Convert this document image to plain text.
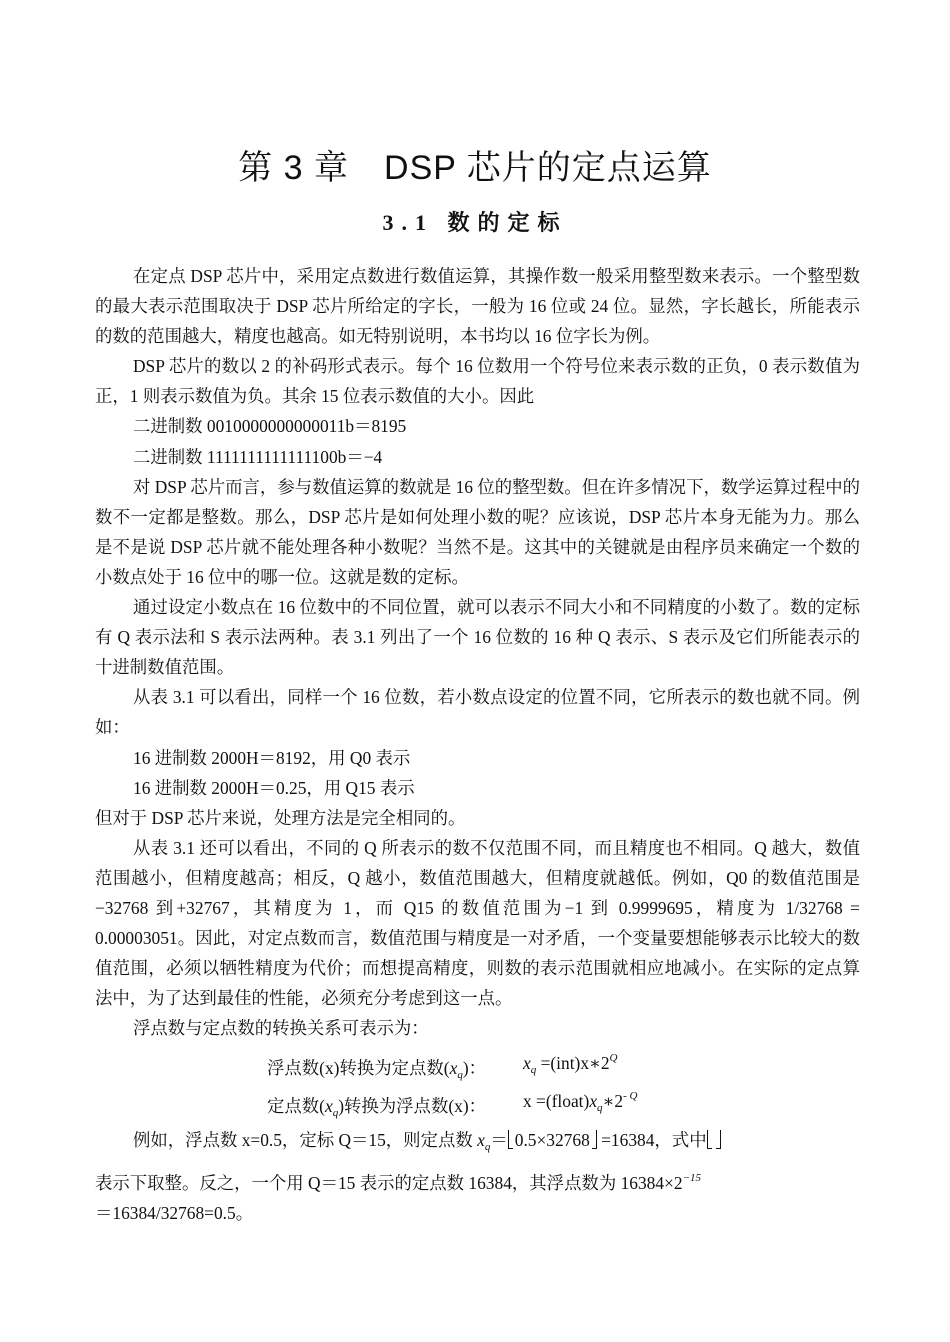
第 3 章　DSP 芯片的定点运算
3.1 数的定标

在定点 DSP 芯片中，采用定点数进行数值运算，其操作数一般采用整型数来表示。一个整型数的最大表示范围取决于 DSP 芯片所给定的字长，一般为 16 位或 24 位。显然，字长越长，所能表示的数的范围越大，精度也越高。如无特别说明，本书均以 16 位字长为例。

DSP 芯片的数以 2 的补码形式表示。每个 16 位数用一个符号位来表示数的正负，0 表示数值为正，1 则表示数值为负。其余 15 位表示数值的大小。因此

二进制数 0010000000000011b＝8195

二进制数 1111111111111100b＝−4

对 DSP 芯片而言，参与数值运算的数就是 16 位的整型数。但在许多情况下，数学运算过程中的数不一定都是整数。那么，DSP 芯片是如何处理小数的呢？应该说，DSP 芯片本身无能为力。那么是不是说 DSP 芯片就不能处理各种小数呢？当然不是。这其中的关键就是由程序员来确定一个数的小数点处于 16 位中的哪一位。这就是数的定标。

通过设定小数点在 16 位数中的不同位置，就可以表示不同大小和不同精度的小数了。数的定标有 Q 表示法和 S 表示法两种。表 3.1 列出了一个 16 位数的 16 种 Q 表示、S 表示及它们所能表示的十进制数值范围。

从表 3.1 可以看出，同样一个 16 位数，若小数点设定的位置不同，它所表示的数也就不同。例如：

16 进制数 2000H＝8192，用 Q0 表示

16 进制数 2000H＝0.25，用 Q15 表示

但对于 DSP 芯片来说，处理方法是完全相同的。

从表 3.1 还可以看出，不同的 Q 所表示的数不仅范围不同，而且精度也不相同。Q 越大，数值范围越小，但精度越高；相反，Q 越小，数值范围越大，但精度就越低。例如，Q0 的数值范围是−32768 到+32767，其精度为 1，而 Q15 的数值范围为−1 到 0.9999695，精度为 1/32768 = 0.00003051。因此，对定点数而言，数值范围与精度是一对矛盾，一个变量要想能够表示比较大的数值范围，必须以牺牲精度为代价；而想提高精度，则数的表示范围就相应地减小。在实际的定点算法中，为了达到最佳的性能，必须充分考虑到这一点。

浮点数与定点数的转换关系可表示为：

浮点数(x)转换为定点数$(x_q)$： $x_q$ $=(int)x∗2^Q$
定点数$(x_q)$转换为浮点数(x)： $x =(float)x_q∗2^{- Q}$

例如，浮点数 x=0.5，定标 Q＝15，则定点数 $x_q= 0.5\times 32768 =16384$，式中

表示下取整。反之，一个用 Q＝15 表示的定点数 16384，其浮点数为 $16384\times 2^{-15}$

＝16384/32768=0.5。
